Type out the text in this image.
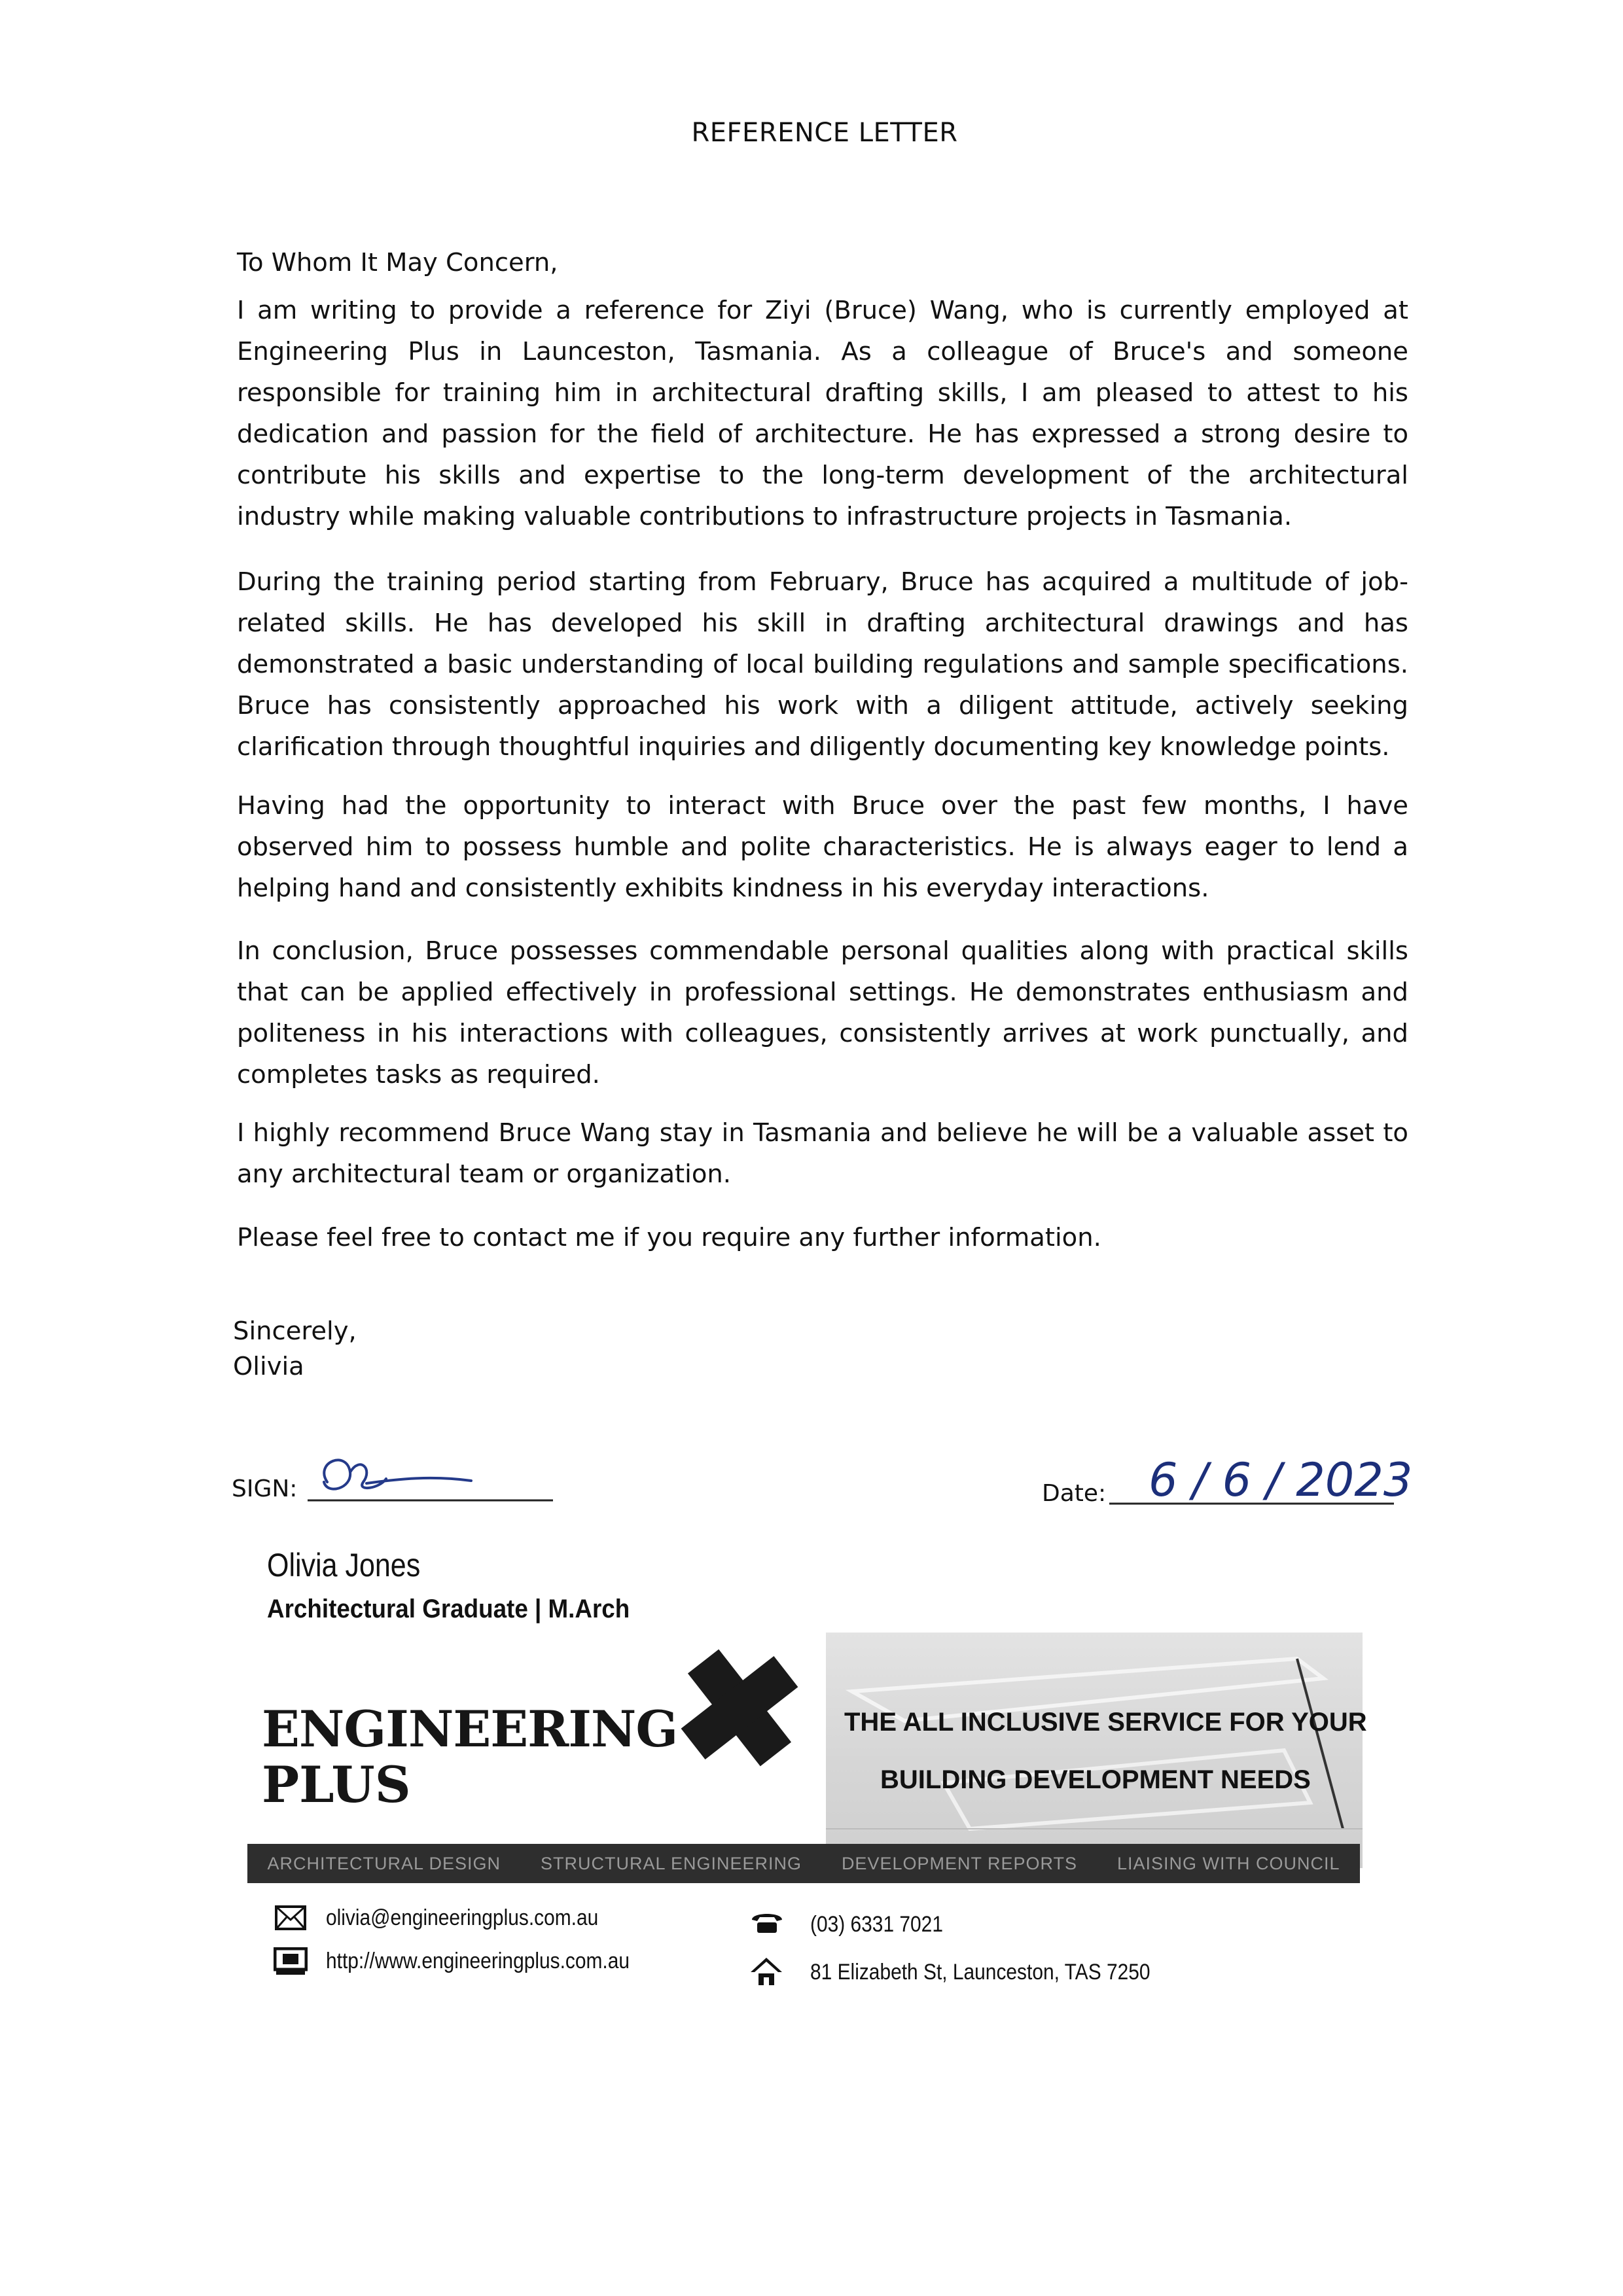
REFERENCE LETTER
To Whom It May Concern,

I am writing to provide a reference for Ziyi (Bruce) Wang, who is currently employed at Engineering Plus in Launceston, Tasmania. As a colleague of Bruce's and someone responsible for training him in architectural drafting skills, I am pleased to attest to his dedication and passion for the field of architecture. He has expressed a strong desire to contribute his skills and expertise to the long-term development of the architectural industry while making valuable contributions to infrastructure projects in Tasmania.

During the training period starting from February, Bruce has acquired a multitude of job-related skills. He has developed his skill in drafting architectural drawings and has demonstrated a basic understanding of local building regulations and sample specifications. Bruce has consistently approached his work with a diligent attitude, actively seeking clarification through thoughtful inquiries and diligently documenting key knowledge points.

Having had the opportunity to interact with Bruce over the past few months, I have observed him to possess humble and polite characteristics. He is always eager to lend a helping hand and consistently exhibits kindness in his everyday interactions.

In conclusion, Bruce possesses commendable personal qualities along with practical skills that can be applied effectively in professional settings. He demonstrates enthusiasm and politeness in his interactions with colleagues, consistently arrives at work punctually, and completes tasks as required.

I highly recommend Bruce Wang stay in Tasmania and believe he will be a valuable asset to any architectural team or organization.

Please feel free to contact me if you require any further information.

Sincerely,
Olivia
SIGN:	Date: 6 / 6 / 2023
Olivia Jones
Architectural Graduate | M.Arch
ENGINEERING
PLUS
THE ALL INCLUSIVE SERVICE FOR YOUR
BUILDING DEVELOPMENT NEEDS
ARCHITECTURAL DESIGN STRUCTURAL ENGINEERING DEVELOPMENT REPORTS LIAISING WITH COUNCIL
olivia@engineeringplus.com.au
http://www.engineeringplus.com.au
(03) 6331 7021
81 Elizabeth St, Launceston, TAS 7250
